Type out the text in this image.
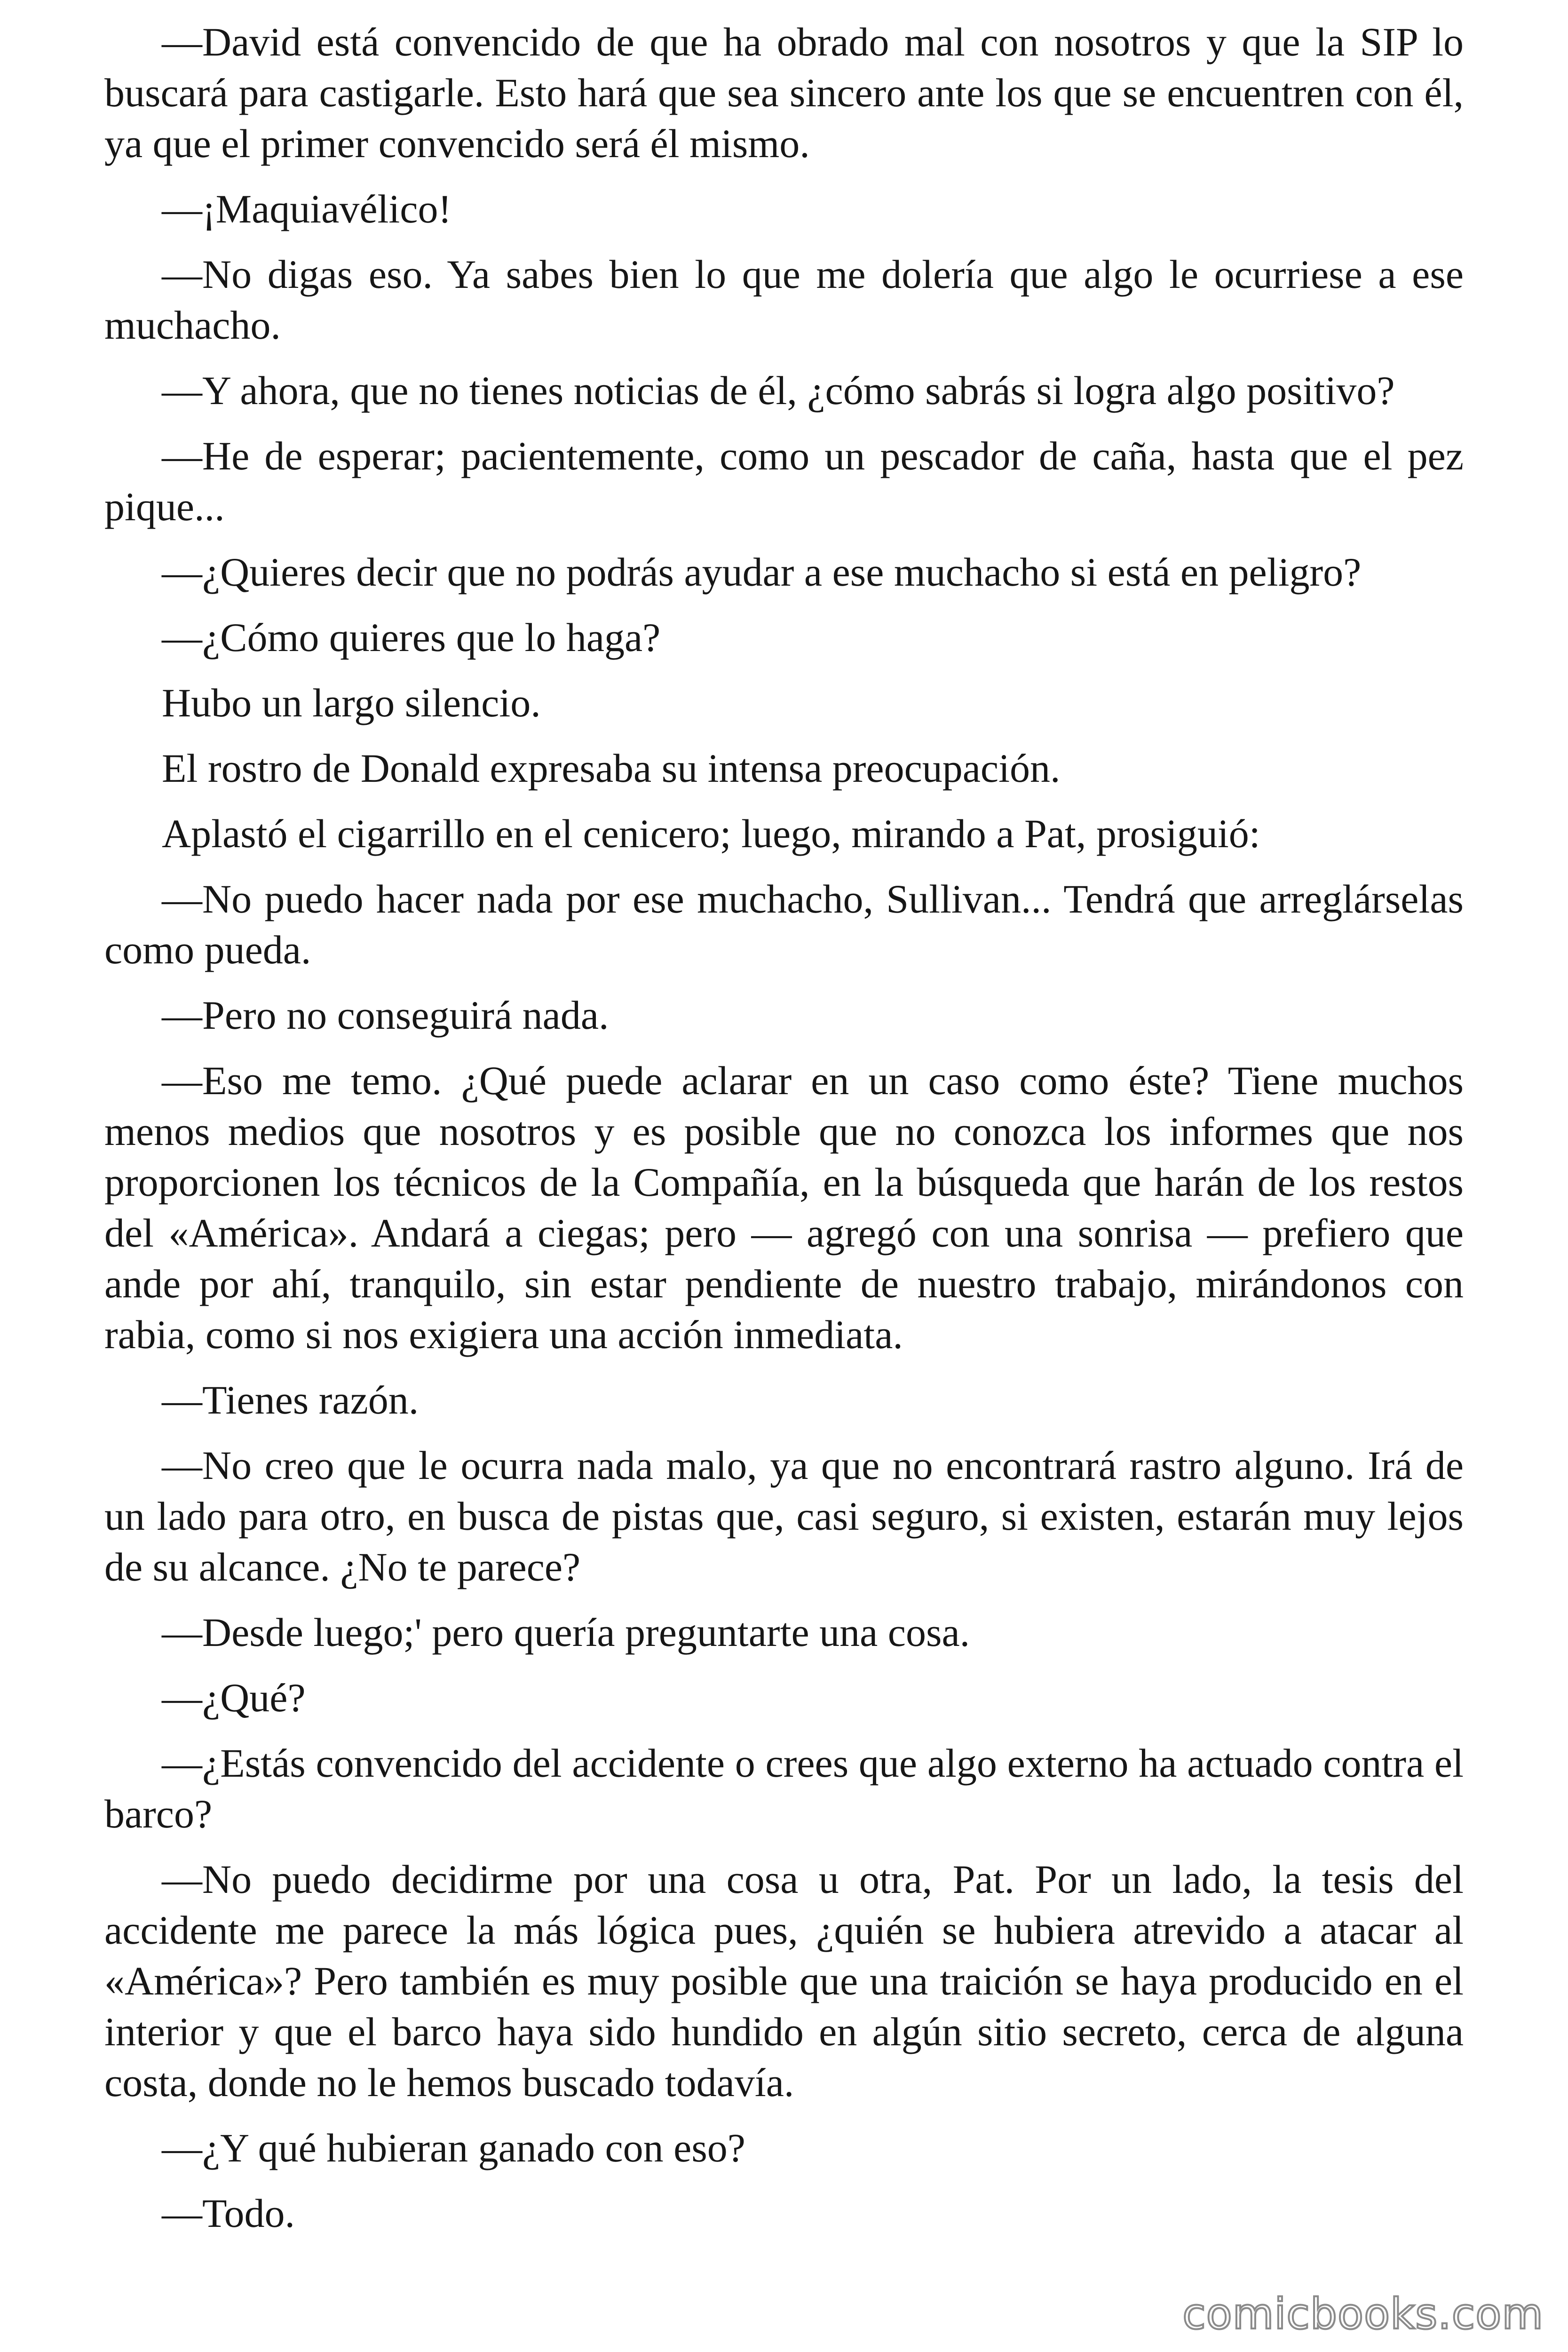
—David está convencido de que ha obrado mal con nosotros y que la SIP lo buscará para castigarle. Esto hará que sea sincero ante los que se encuentren con él, ya que el primer convencido será él mismo.

—¡Maquiavélico!

—No digas eso. Ya sabes bien lo que me dolería que algo le ocurriese a ese muchacho.

—Y ahora, que no tienes noticias de él, ¿cómo sabrás si logra algo positivo?

—He de esperar; pacientemente, como un pescador de caña, hasta que el pez pique...

—¿Quieres decir que no podrás ayudar a ese muchacho si está en peligro?

—¿Cómo quieres que lo haga?

Hubo un largo silencio.

El rostro de Donald expresaba su intensa preocupación.

Aplastó el cigarrillo en el cenicero; luego, mirando a Pat, prosiguió:

—No puedo hacer nada por ese muchacho, Sullivan... Tendrá que arreglárselas como pueda.

—Pero no conseguirá nada.

—Eso me temo. ¿Qué puede aclarar en un caso como éste? Tiene muchos menos medios que nosotros y es posible que no conozca los informes que nos proporcionen los técnicos de la Compañía, en la búsqueda que harán de los restos del «América». Andará a ciegas; pero — agregó con una sonrisa — prefiero que ande por ahí, tranquilo, sin estar pendiente de nuestro trabajo, mirándonos con rabia, como si nos exigiera una acción inmediata.

—Tienes razón.

—No creo que le ocurra nada malo, ya que no encontrará rastro alguno. Irá de un lado para otro, en busca de pistas que, casi seguro, si existen, estarán muy lejos de su alcance. ¿No te parece?

—Desde luego;' pero quería preguntarte una cosa.

—¿Qué?

—¿Estás convencido del accidente o crees que algo externo ha actuado contra el barco?

—No puedo decidirme por una cosa u otra, Pat. Por un lado, la tesis del accidente me parece la más lógica pues, ¿quién se hubiera atrevido a atacar al «América»? Pero también es muy posible que una traición se haya producido en el interior y que el barco haya sido hundido en algún sitio secreto, cerca de alguna costa, donde no le hemos buscado todavía.

—¿Y qué hubieran ganado con eso?

—Todo.

comicbooks.com
